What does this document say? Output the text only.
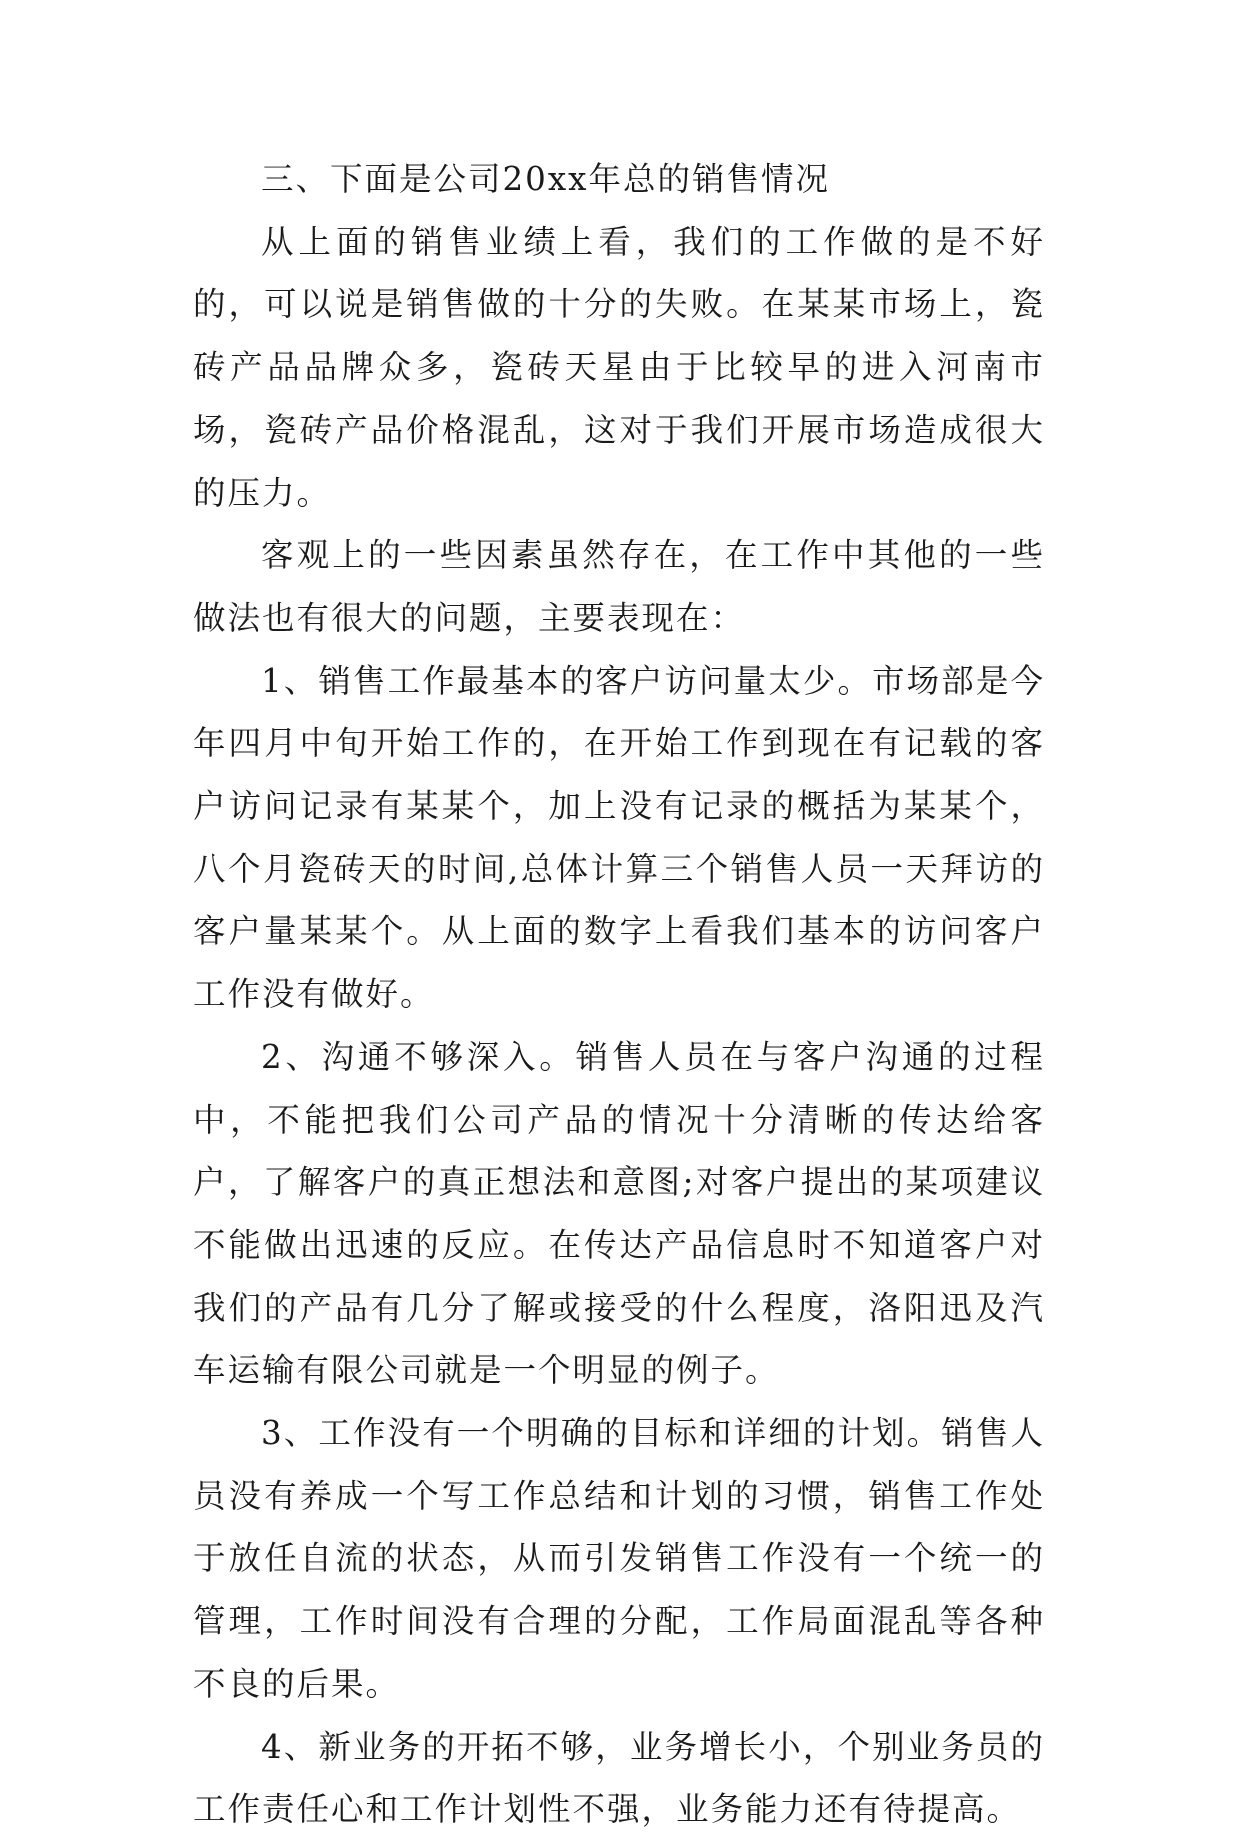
三、下面是公司20xx年总的销售情况

从上面的销售业绩上看，我们的工作做的是不好的，可以说是销售做的十分的失败。在某某市场上，瓷砖产品品牌众多，瓷砖天星由于比较早的进入河南市场，瓷砖产品价格混乱，这对于我们开展市场造成很大的压力。

客观上的一些因素虽然存在，在工作中其他的一些做法也有很大的问题，主要表现在：

1、销售工作最基本的客户访问量太少。市场部是今年四月中旬开始工作的，在开始工作到现在有记载的客户访问记录有某某个，加上没有记录的概括为某某个，八个月瓷砖天的时间,总体计算三个销售人员一天拜访的客户量某某个。从上面的数字上看我们基本的访问客户工作没有做好。

2、沟通不够深入。销售人员在与客户沟通的过程中，不能把我们公司产品的情况十分清晰的传达给客户，了解客户的真正想法和意图;对客户提出的某项建议不能做出迅速的反应。在传达产品信息时不知道客户对我们的产品有几分了解或接受的什么程度，洛阳迅及汽车运输有限公司就是一个明显的例子。

3、工作没有一个明确的目标和详细的计划。销售人员没有养成一个写工作总结和计划的习惯，销售工作处于放任自流的状态，从而引发销售工作没有一个统一的管理，工作时间没有合理的分配，工作局面混乱等各种不良的后果。

4、新业务的开拓不够，业务增长小，个别业务员的工作责任心和工作计划性不强，业务能力还有待提高。
